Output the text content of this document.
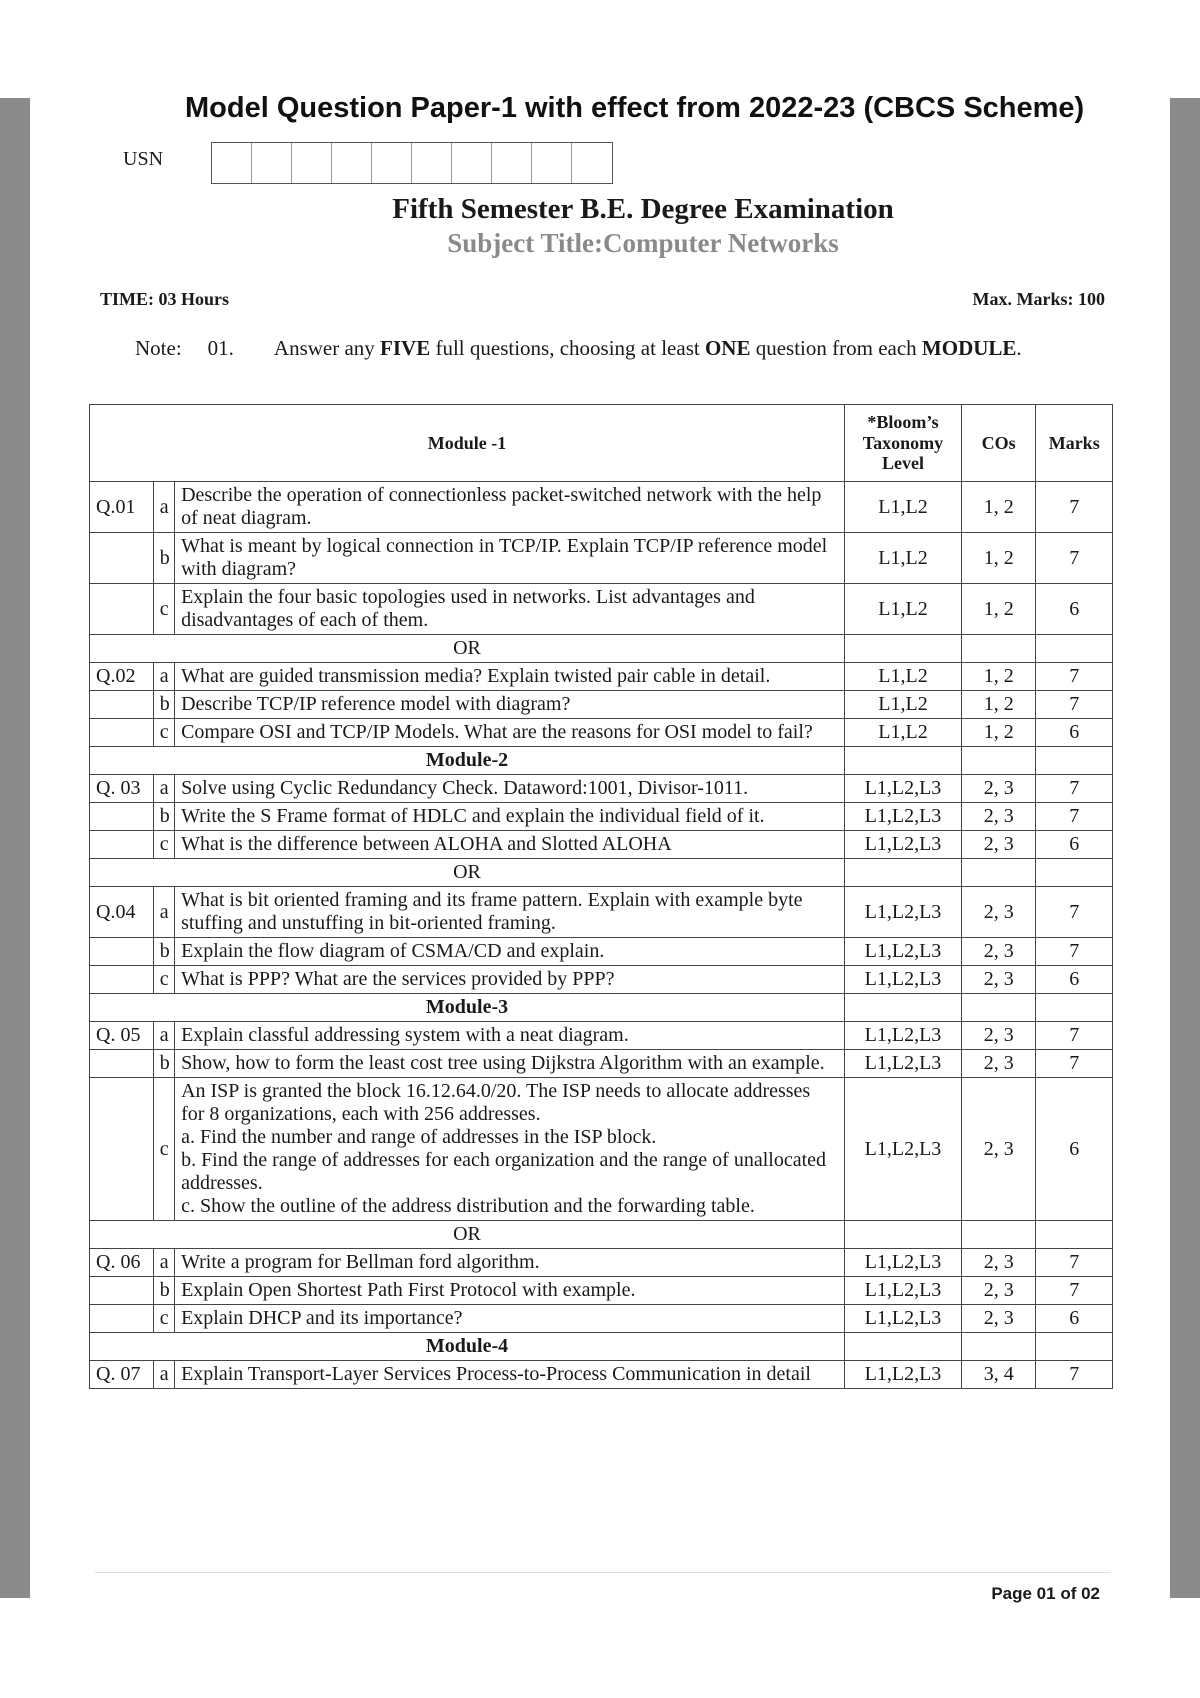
Model Question Paper-1 with effect from 2022-23 (CBCS Scheme)
USN
Fifth Semester B.E. Degree Examination
Subject Title:Computer Networks
TIME: 03 Hours	Max. Marks: 100
Note: 01. Answer any FIVE full questions, choosing at least ONE question from each MODULE.
Module -1			*Bloom’s Taxonomy Level	COs	Marks
Q.01	a	Describe the operation of connectionless packet-switched network with the help of neat diagram.	L1,L2	1, 2	7
	b	What is meant by logical connection in TCP/IP. Explain TCP/IP reference model with diagram?	L1,L2	1, 2	7
	c	Explain the four basic topologies used in networks. List advantages and disadvantages of each of them.	L1,L2	1, 2	6
OR					
Q.02	a	What are guided transmission media? Explain twisted pair cable in detail.	L1,L2	1, 2	7
	b	Describe TCP/IP reference model with diagram?	L1,L2	1, 2	7
	c	Compare OSI and TCP/IP Models. What are the reasons for OSI model to fail?	L1,L2	1, 2	6
Module-2					
Q. 03	a	Solve using Cyclic Redundancy Check. Dataword:1001, Divisor-1011.	L1,L2,L3	2, 3	7
	b	Write the S Frame format of HDLC and explain the individual field of it.	L1,L2,L3	2, 3	7
	c	What is the difference between ALOHA and Slotted ALOHA	L1,L2,L3	2, 3	6
OR					
Q.04	a	What is bit oriented framing and its frame pattern. Explain with example byte stuffing and unstuffing in bit-oriented framing.	L1,L2,L3	2, 3	7
	b	Explain the flow diagram of CSMA/CD and explain.	L1,L2,L3	2, 3	7
	c	What is PPP? What are the services provided by PPP?	L1,L2,L3	2, 3	6
Module-3					
Q. 05	a	Explain classful addressing system with a neat diagram.	L1,L2,L3	2, 3	7
	b	Show, how to form the least cost tree using Dijkstra Algorithm with an example.	L1,L2,L3	2, 3	7
	c	An ISP is granted the block 16.12.64.0/20. The ISP needs to allocate addresses for 8 organizations, each with 256 addresses.
a. Find the number and range of addresses in the ISP block.
b. Find the range of addresses for each organization and the range of unallocated addresses.
c. Show the outline of the address distribution and the forwarding table.	L1,L2,L3	2, 3	6
OR					
Q. 06	a	Write a program for Bellman ford algorithm.	L1,L2,L3	2, 3	7
	b	Explain Open Shortest Path First Protocol with example.	L1,L2,L3	2, 3	7
	c	Explain DHCP and its importance?	L1,L2,L3	2, 3	6
Module-4					
Q. 07	a	Explain Transport-Layer Services Process-to-Process Communication in detail	L1,L2,L3	3, 4	7
Page 01 of 02
